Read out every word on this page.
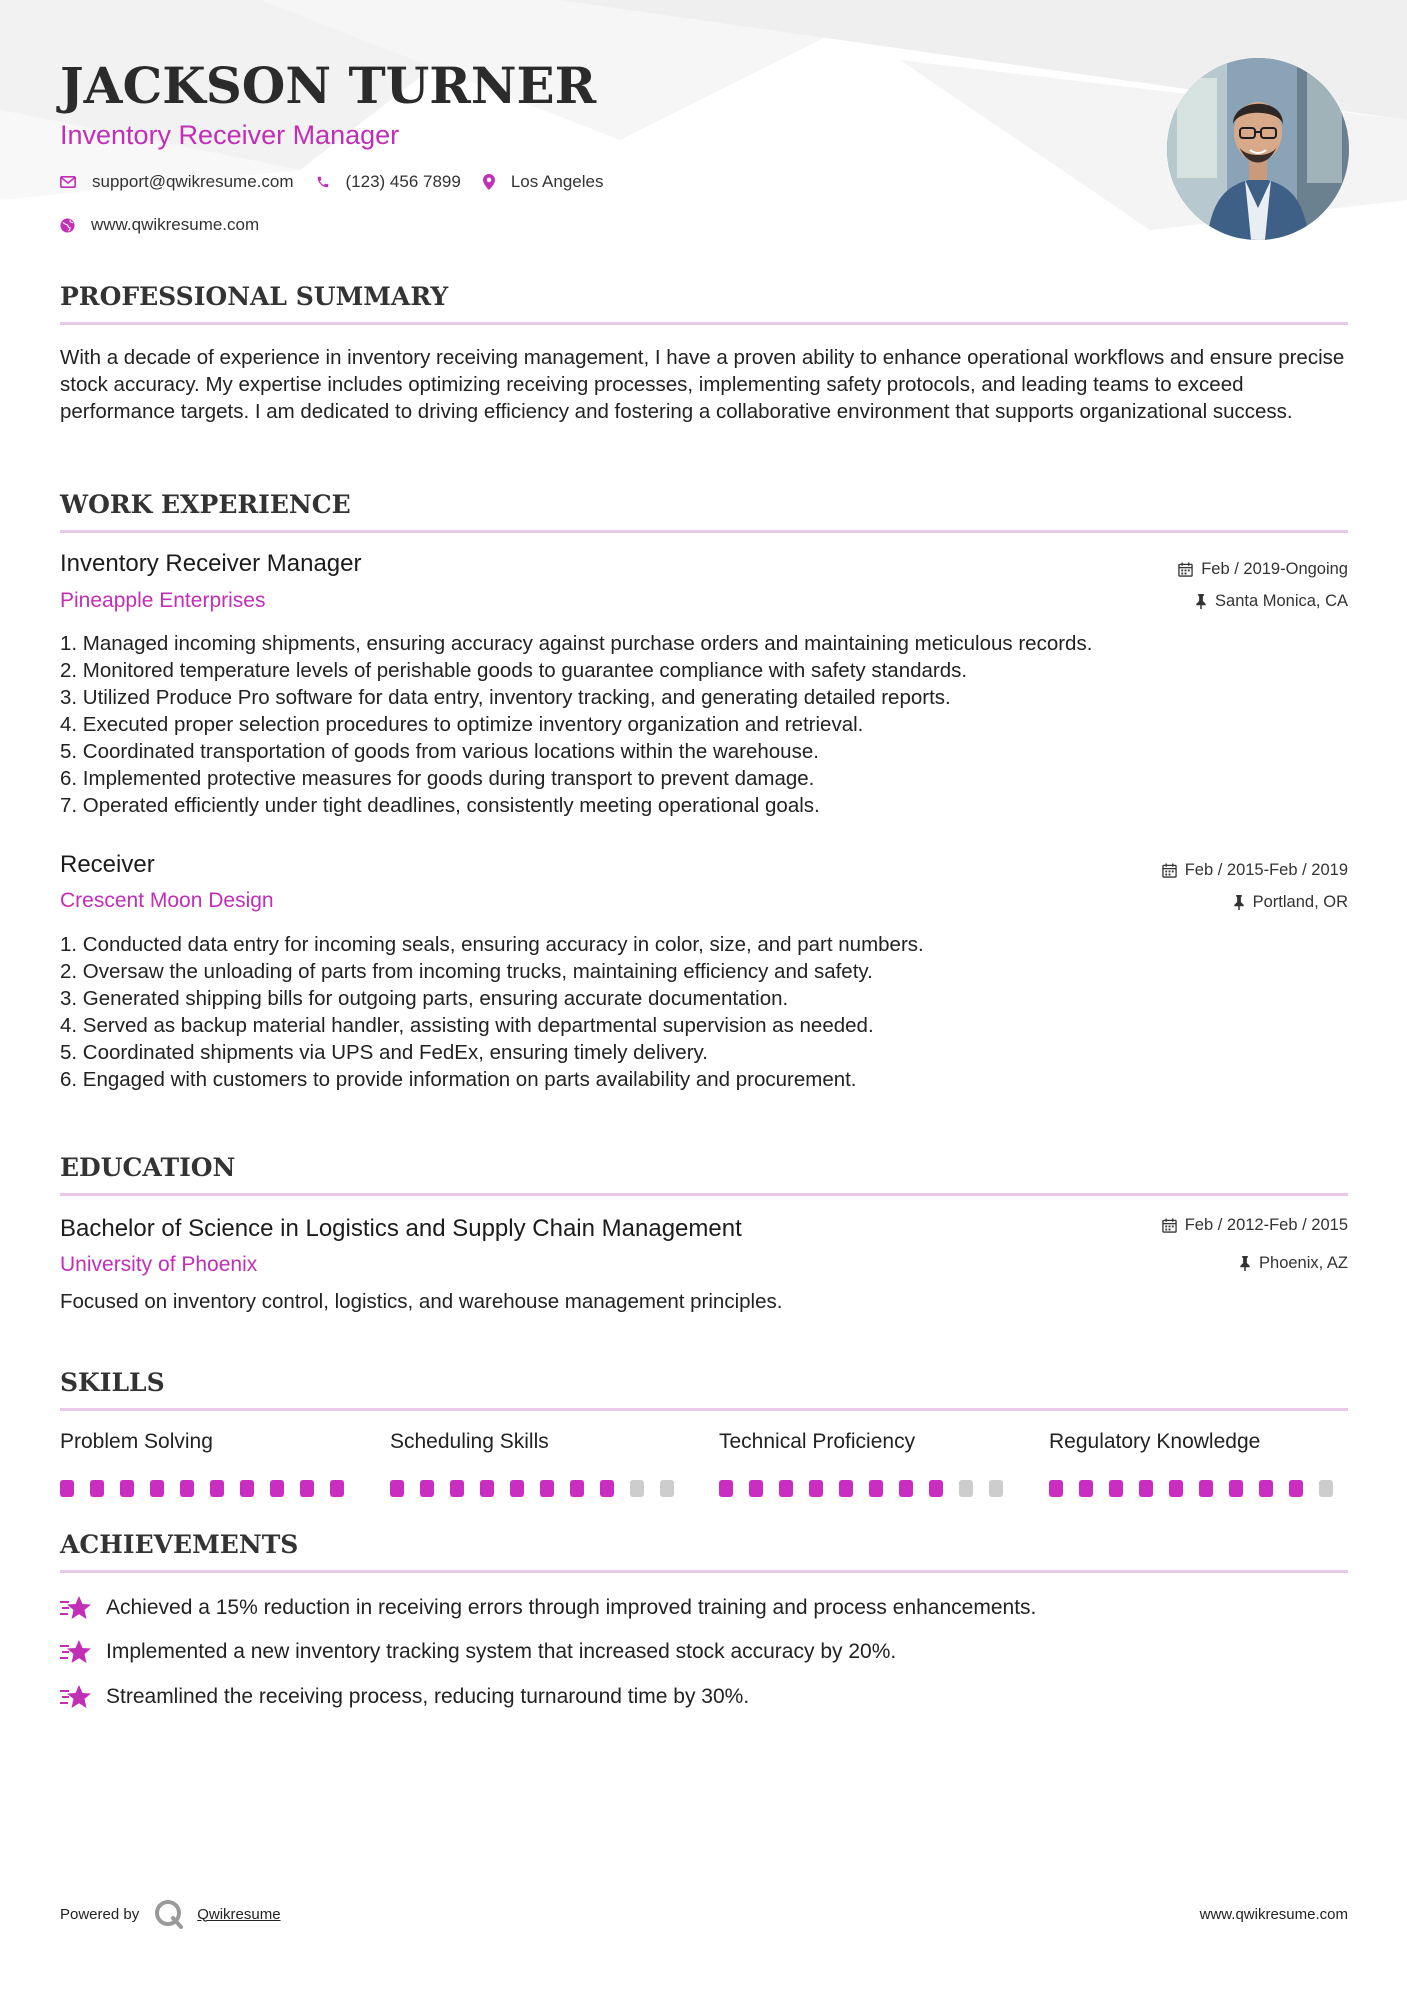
JACKSON TURNER
Inventory Receiver Manager
support@qwikresume.com	(123) 456 7899	Los Angeles
www.qwikresume.com
PROFESSIONAL SUMMARY

With a decade of experience in inventory receiving management, I have a proven ability to enhance operational workflows and ensure precise stock accuracy. My expertise includes optimizing receiving processes, implementing safety protocols, and leading teams to exceed performance targets. I am dedicated to driving efficiency and fostering a collaborative environment that supports organizational success.

WORK EXPERIENCE
Inventory Receiver Manager
Pineapple Enterprises
Feb / 2019-Ongoing
Santa Monica, CA
1. Managed incoming shipments, ensuring accuracy against purchase orders and maintaining meticulous records.
2. Monitored temperature levels of perishable goods to guarantee compliance with safety standards.
3. Utilized Produce Pro software for data entry, inventory tracking, and generating detailed reports.
4. Executed proper selection procedures to optimize inventory organization and retrieval.
5. Coordinated transportation of goods from various locations within the warehouse.
6. Implemented protective measures for goods during transport to prevent damage.
7. Operated efficiently under tight deadlines, consistently meeting operational goals.
Receiver
Crescent Moon Design
Feb / 2015-Feb / 2019
Portland, OR
1. Conducted data entry for incoming seals, ensuring accuracy in color, size, and part numbers.
2. Oversaw the unloading of parts from incoming trucks, maintaining efficiency and safety.
3. Generated shipping bills for outgoing parts, ensuring accurate documentation.
4. Served as backup material handler, assisting with departmental supervision as needed.
5. Coordinated shipments via UPS and FedEx, ensuring timely delivery.
6. Engaged with customers to provide information on parts availability and procurement.
EDUCATION
Bachelor of Science in Logistics and Supply Chain Management
University of Phoenix
Feb / 2012-Feb / 2015
Phoenix, AZ
Focused on inventory control, logistics, and warehouse management principles.
SKILLS
Problem Solving	Scheduling Skills	Technical Proficiency	Regulatory Knowledge
ACHIEVEMENTS
Achieved a 15% reduction in receiving errors through improved training and process enhancements.
Implemented a new inventory tracking system that increased stock accuracy by 20%.
Streamlined the receiving process, reducing turnaround time by 30%.
Powered by	Qwikresume	www.qwikresume.com
